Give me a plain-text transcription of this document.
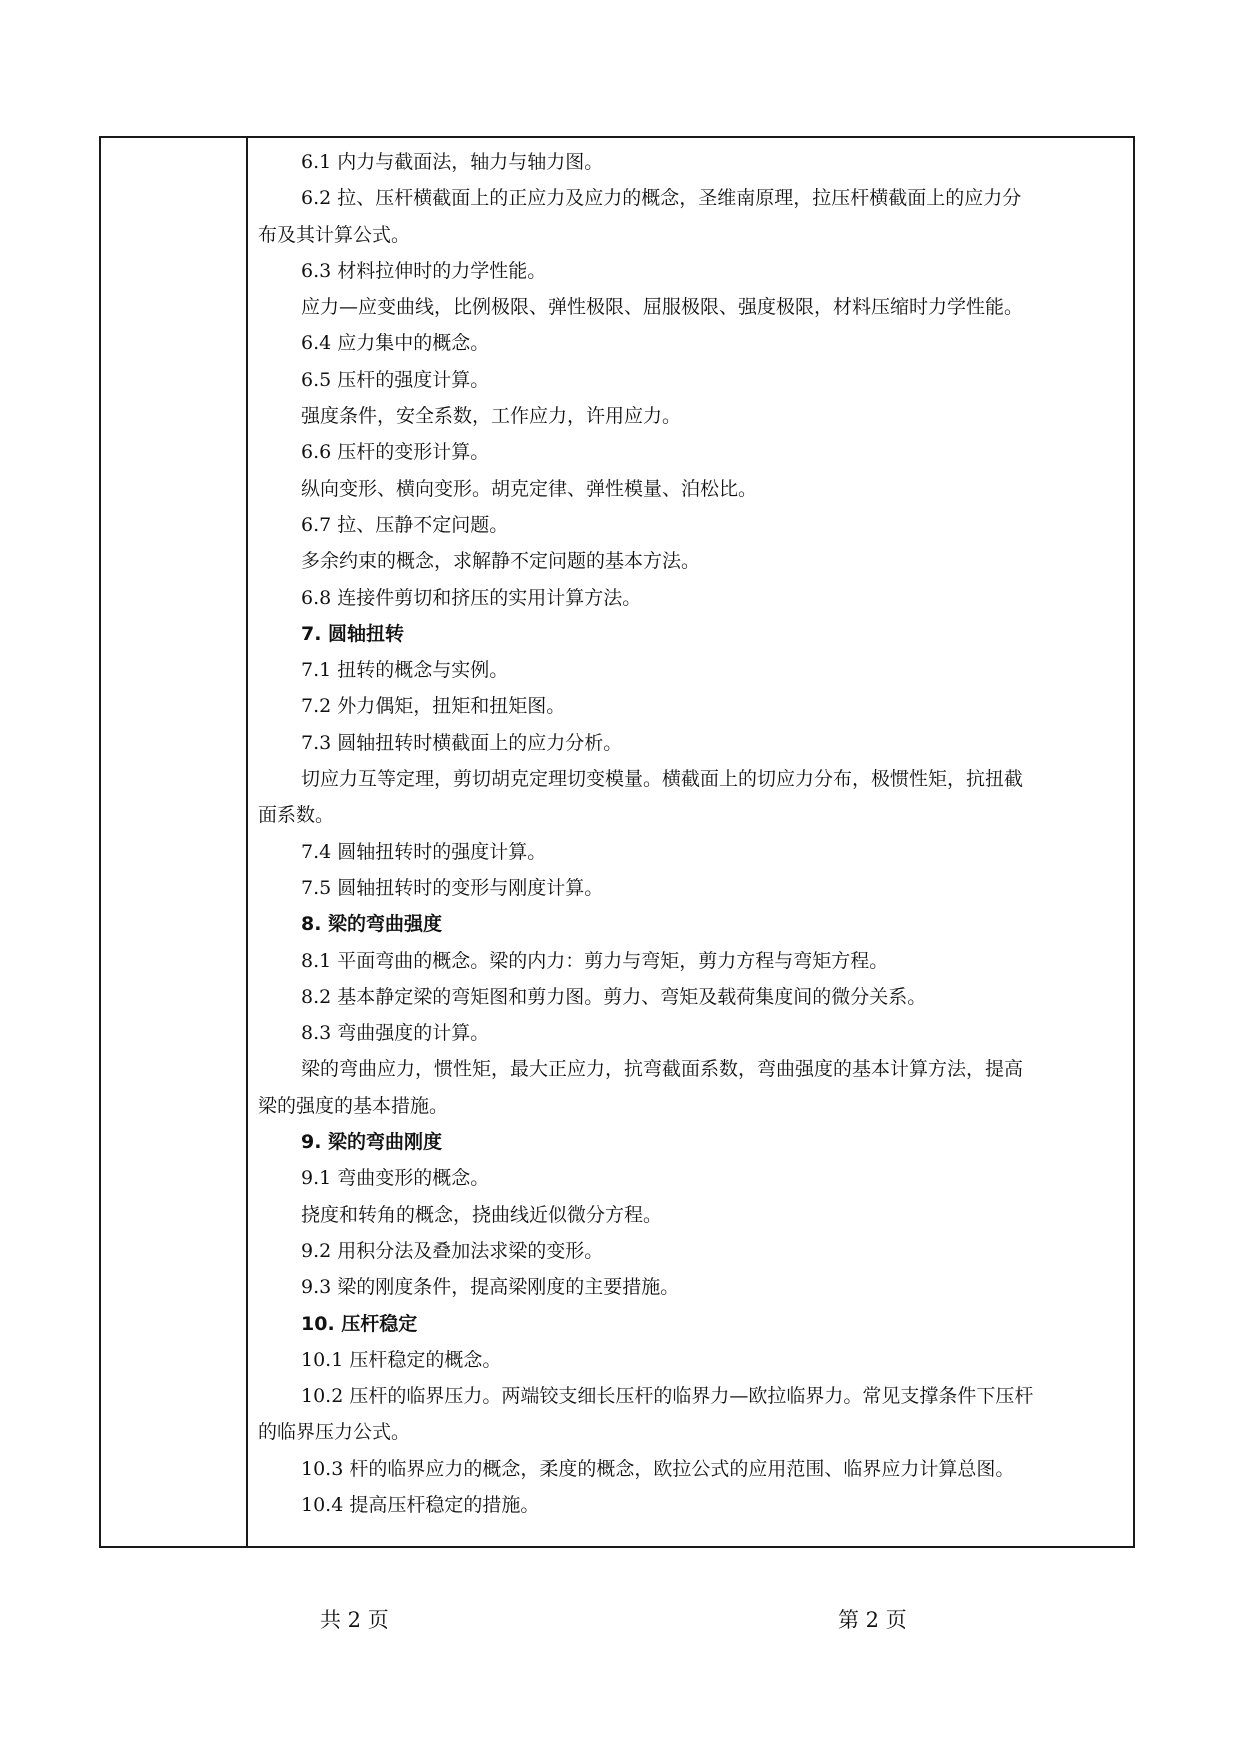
6.1 内力与截面法，轴力与轴力图。
6.2 拉、压杆横截面上的正应力及应力的概念，圣维南原理，拉压杆横截面上的应力分
布及其计算公式。
6.3 材料拉伸时的力学性能。
应力—应变曲线，比例极限、弹性极限、屈服极限、强度极限，材料压缩时力学性能。
6.4 应力集中的概念。
6.5 压杆的强度计算。
强度条件，安全系数，工作应力，许用应力。
6.6 压杆的变形计算。
纵向变形、横向变形。胡克定律、弹性模量、泊松比。
6.7 拉、压静不定问题。
多余约束的概念，求解静不定问题的基本方法。
6.8 连接件剪切和挤压的实用计算方法。
7. 圆轴扭转
7.1 扭转的概念与实例。
7.2 外力偶矩，扭矩和扭矩图。
7.3 圆轴扭转时横截面上的应力分析。
切应力互等定理，剪切胡克定理切变模量。横截面上的切应力分布，极惯性矩，抗扭截
面系数。
7.4 圆轴扭转时的强度计算。
7.5 圆轴扭转时的变形与刚度计算。
8. 梁的弯曲强度
8.1 平面弯曲的概念。梁的内力：剪力与弯矩，剪力方程与弯矩方程。
8.2 基本静定梁的弯矩图和剪力图。剪力、弯矩及载荷集度间的微分关系。
8.3 弯曲强度的计算。
梁的弯曲应力，惯性矩，最大正应力，抗弯截面系数，弯曲强度的基本计算方法，提高
梁的强度的基本措施。
9. 梁的弯曲刚度
9.1 弯曲变形的概念。
挠度和转角的概念，挠曲线近似微分方程。
9.2 用积分法及叠加法求梁的变形。
9.3 梁的刚度条件，提高梁刚度的主要措施。
10. 压杆稳定
10.1 压杆稳定的概念。
10.2 压杆的临界压力。两端铰支细长压杆的临界力—欧拉临界力。常见支撑条件下压杆
的临界压力公式。
10.3 杆的临界应力的概念，柔度的概念，欧拉公式的应用范围、临界应力计算总图。
10.4 提高压杆稳定的措施。
共 2 页	第 2 页
